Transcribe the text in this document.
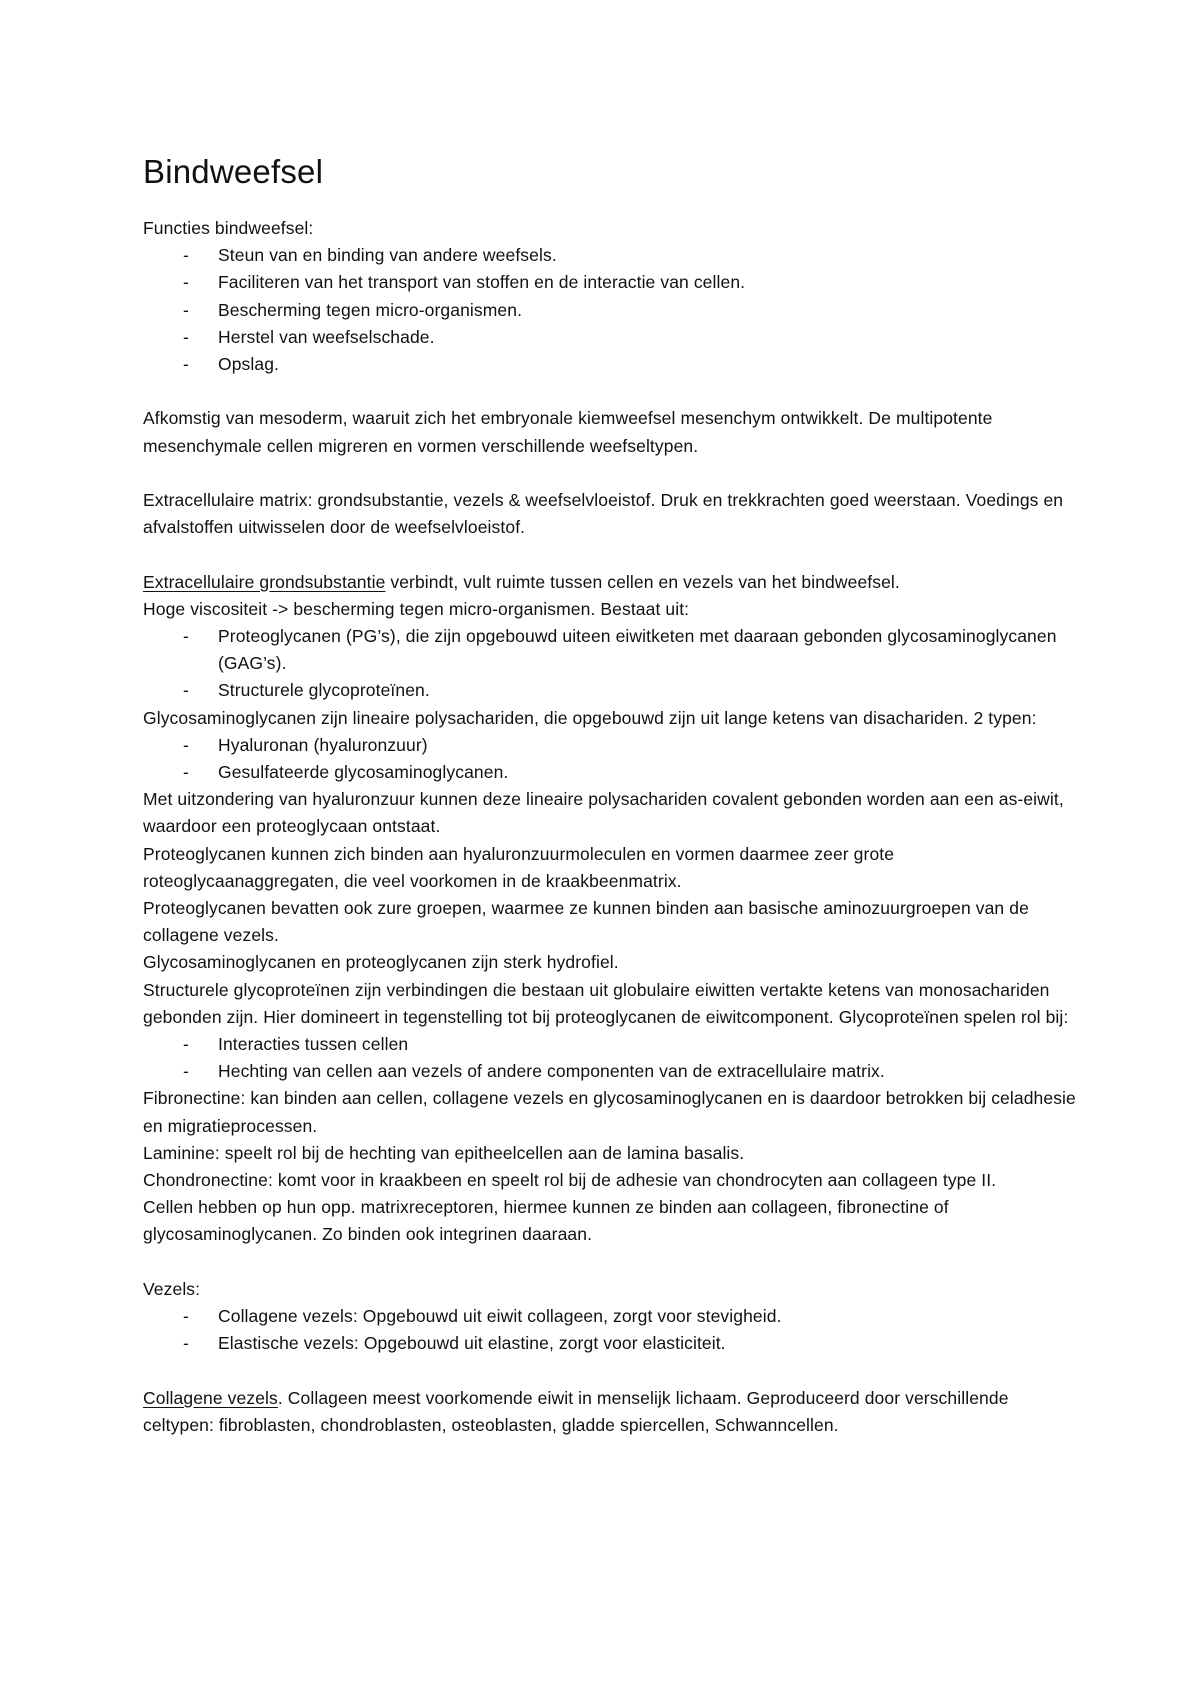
Bindweefsel

Functies bindweefsel:

- Steun van en binding van andere weefsels.
- Faciliteren van het transport van stoffen en de interactie van cellen.
- Bescherming tegen micro-organismen.
- Herstel van weefselschade.
- Opslag.

Afkomstig van mesoderm, waaruit zich het embryonale kiemweefsel mesenchym ontwikkelt. De multipotente mesenchymale cellen migreren en vormen verschillende weefseltypen.

Extracellulaire matrix: grondsubstantie, vezels & weefselvloeistof. Druk en trekkrachten goed weerstaan. Voedings en afvalstoffen uitwisselen door de weefselvloeistof.

Extracellulaire grondsubstantie verbindt, vult ruimte tussen cellen en vezels van het bindweefsel.

Hoge viscositeit -> bescherming tegen micro-organismen. Bestaat uit:

- Proteoglycanen (PG’s), die zijn opgebouwd uiteen eiwitketen met daaraan gebonden glycosaminoglycanen (GAG’s).
- Structurele glycoproteïnen.

Glycosaminoglycanen zijn lineaire polysachariden, die opgebouwd zijn uit lange ketens van disachariden. 2 typen:

- Hyaluronan (hyaluronzuur)
- Gesulfateerde glycosaminoglycanen.

Met uitzondering van hyaluronzuur kunnen deze lineaire polysachariden covalent gebonden worden aan een as-eiwit, waardoor een proteoglycaan ontstaat.

Proteoglycanen kunnen zich binden aan hyaluronzuurmoleculen en vormen daarmee zeer grote roteoglycaanaggregaten, die veel voorkomen in de kraakbeenmatrix.

Proteoglycanen bevatten ook zure groepen, waarmee ze kunnen binden aan basische aminozuurgroepen van de collagene vezels.

Glycosaminoglycanen en proteoglycanen zijn sterk hydrofiel.

Structurele glycoproteïnen zijn verbindingen die bestaan uit globulaire eiwitten vertakte ketens van monosachariden gebonden zijn. Hier domineert in tegenstelling tot bij proteoglycanen de eiwitcomponent. Glycoproteïnen spelen rol bij:

- Interacties tussen cellen
- Hechting van cellen aan vezels of andere componenten van de extracellulaire matrix.

Fibronectine: kan binden aan cellen, collagene vezels en glycosaminoglycanen en is daardoor betrokken bij celadhesie en migratieprocessen.

Laminine: speelt rol bij de hechting van epitheelcellen aan de lamina basalis.

Chondronectine: komt voor in kraakbeen en speelt rol bij de adhesie van chondrocyten aan collageen type II.

Cellen hebben op hun opp. matrixreceptoren, hiermee kunnen ze binden aan collageen, fibronectine of glycosaminoglycanen. Zo binden ook integrinen daaraan.

Vezels:

- Collagene vezels: Opgebouwd uit eiwit collageen, zorgt voor stevigheid.
- Elastische vezels: Opgebouwd uit elastine, zorgt voor elasticiteit.

Collagene vezels. Collageen meest voorkomende eiwit in menselijk lichaam. Geproduceerd door verschillende celtypen: fibroblasten, chondroblasten, osteoblasten, gladde spiercellen, Schwanncellen.
